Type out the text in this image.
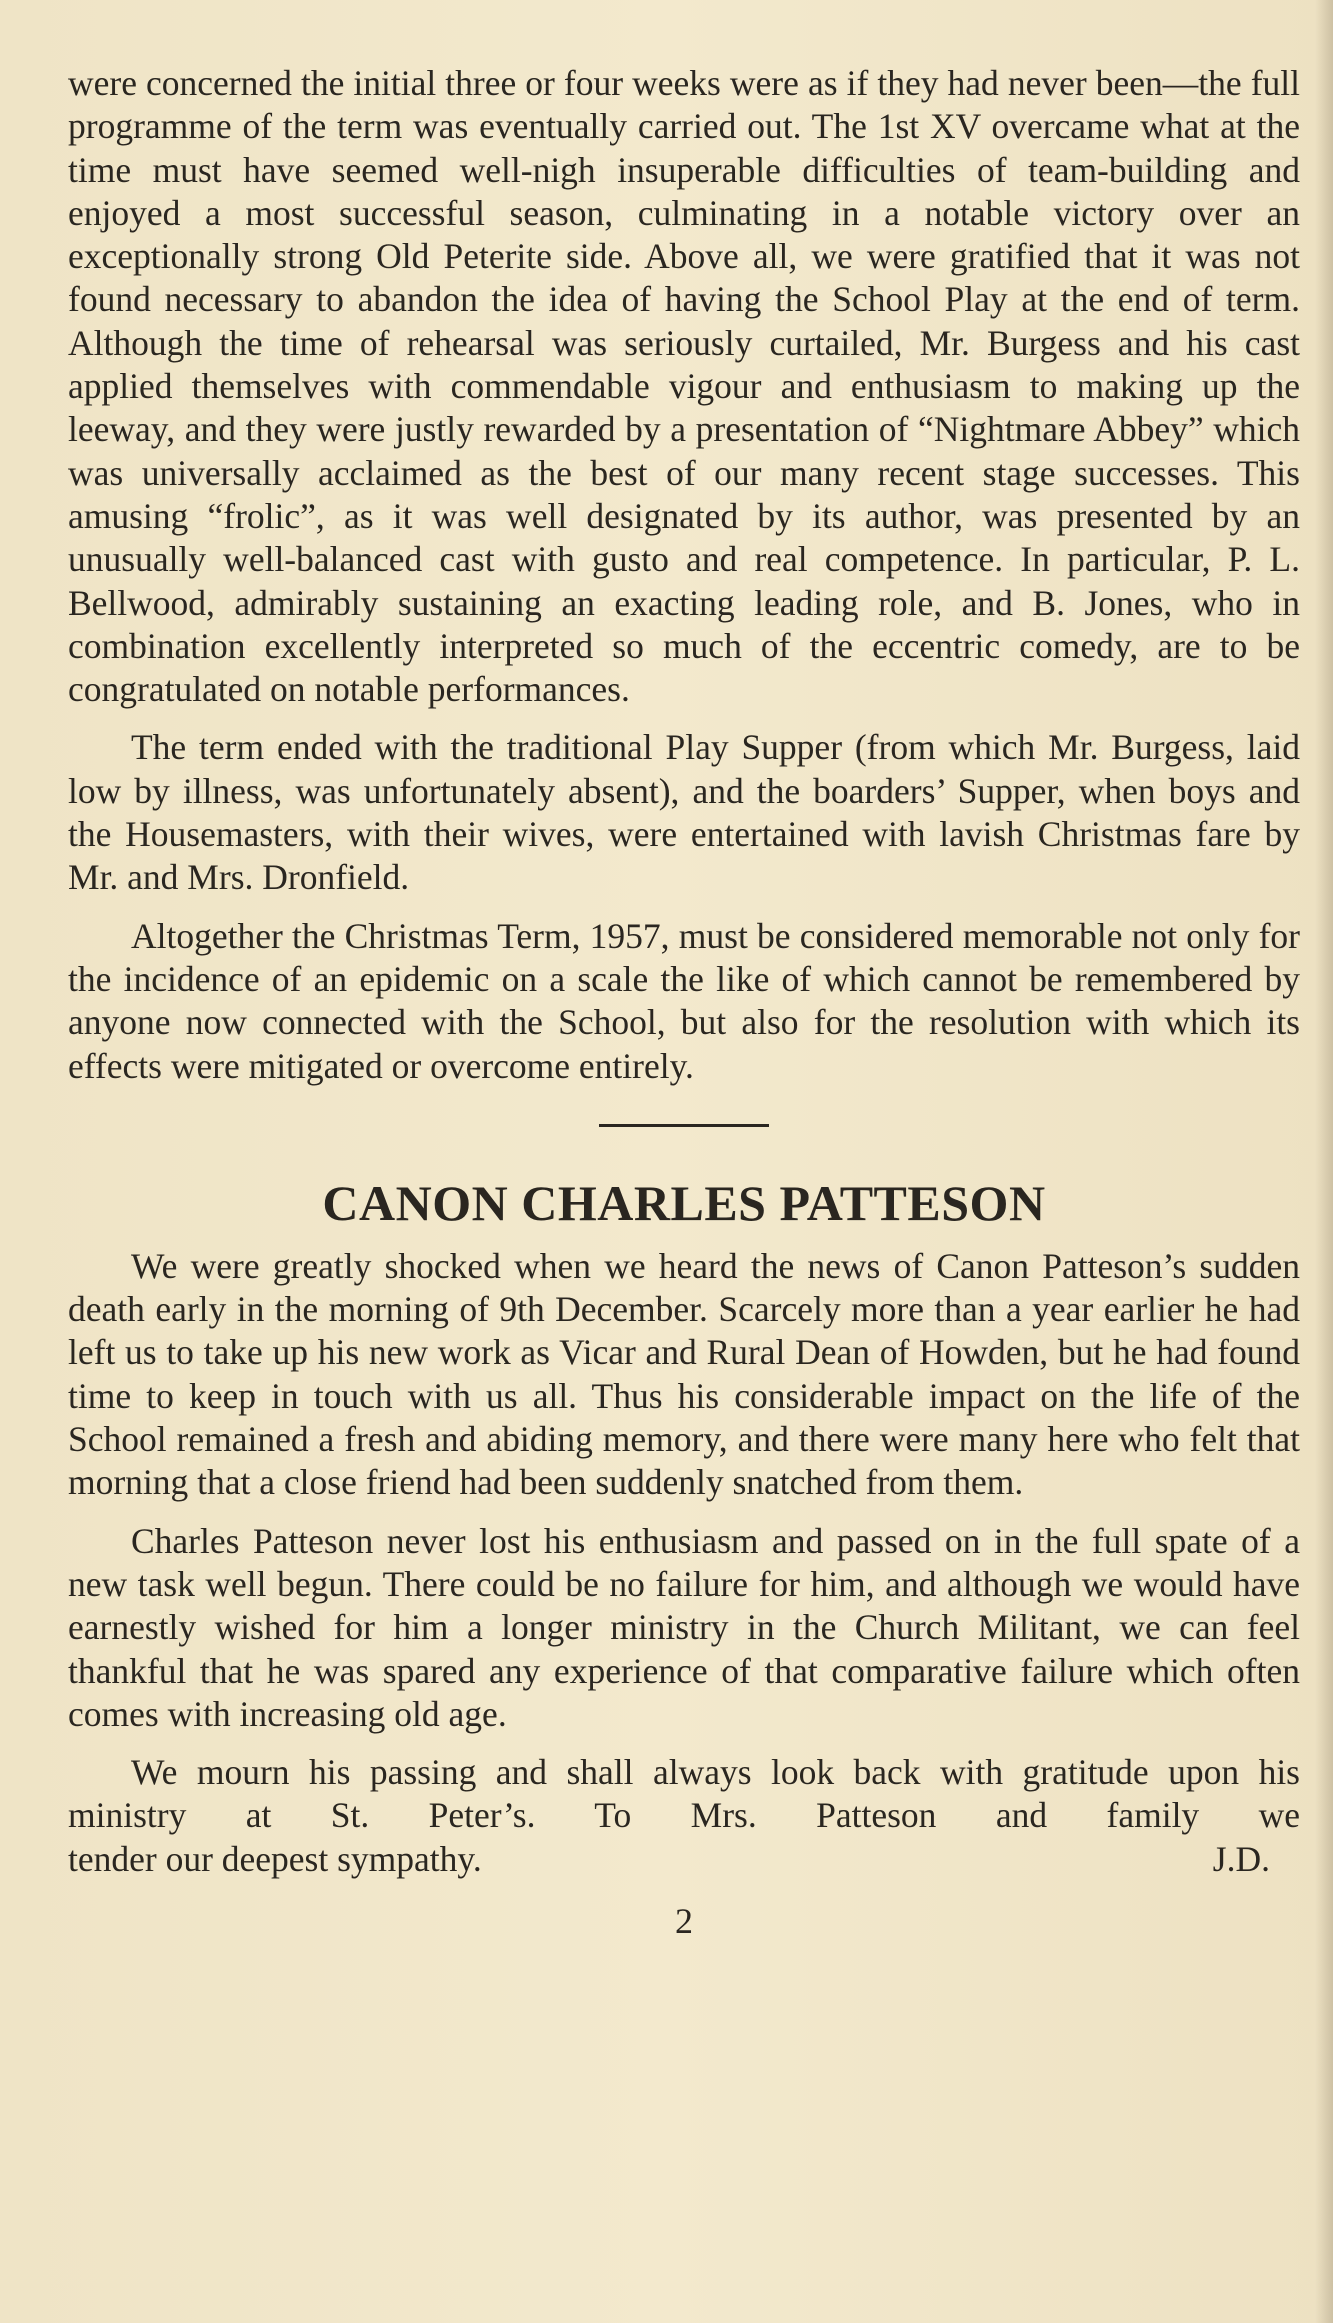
were concerned the initial three or four weeks were as if they had never been—the full programme of the term was eventually carried out. The 1st XV overcame what at the time must have seemed well-nigh insuperable difficulties of team-building and enjoyed a most successful season, culminating in a notable victory over an exceptionally strong Old Peterite side. Above all, we were gratified that it was not found necessary to abandon the idea of having the School Play at the end of term. Although the time of rehearsal was seriously curtailed, Mr. Burgess and his cast applied themselves with commendable vigour and enthusiasm to making up the leeway, and they were justly rewarded by a presentation of “Nightmare Abbey” which was universally acclaimed as the best of our many recent stage successes. This amusing “frolic”, as it was well designated by its author, was presented by an unusually well-balanced cast with gusto and real competence. In particular, P. L. Bellwood, admirably sustaining an exacting leading role, and B. Jones, who in combination excellently interpreted so much of the eccentric comedy, are to be congratulated on notable performances.

The term ended with the traditional Play Supper (from which Mr. Burgess, laid low by illness, was unfortunately absent), and the boarders’ Supper, when boys and the Housemasters, with their wives, were entertained with lavish Christmas fare by Mr. and Mrs. Dronfield.

Altogether the Christmas Term, 1957, must be considered memorable not only for the incidence of an epidemic on a scale the like of which cannot be remembered by anyone now connected with the School, but also for the resolution with which its effects were mitigated or overcome entirely.

CANON CHARLES PATTESON

We were greatly shocked when we heard the news of Canon Patteson’s sudden death early in the morning of 9th December. Scarcely more than a year earlier he had left us to take up his new work as Vicar and Rural Dean of Howden, but he had found time to keep in touch with us all. Thus his considerable impact on the life of the School remained a fresh and abiding memory, and there were many here who felt that morning that a close friend had been suddenly snatched from them.

Charles Patteson never lost his enthusiasm and passed on in the full spate of a new task well begun. There could be no failure for him, and although we would have earnestly wished for him a longer ministry in the Church Militant, we can feel thankful that he was spared any experience of that comparative failure which often comes with increasing old age.

We mourn his passing and shall always look back with gratitude upon his ministry at St. Peter’s. To Mrs. Patteson and family we

tender our deepest sympathy.	J.D.

2
